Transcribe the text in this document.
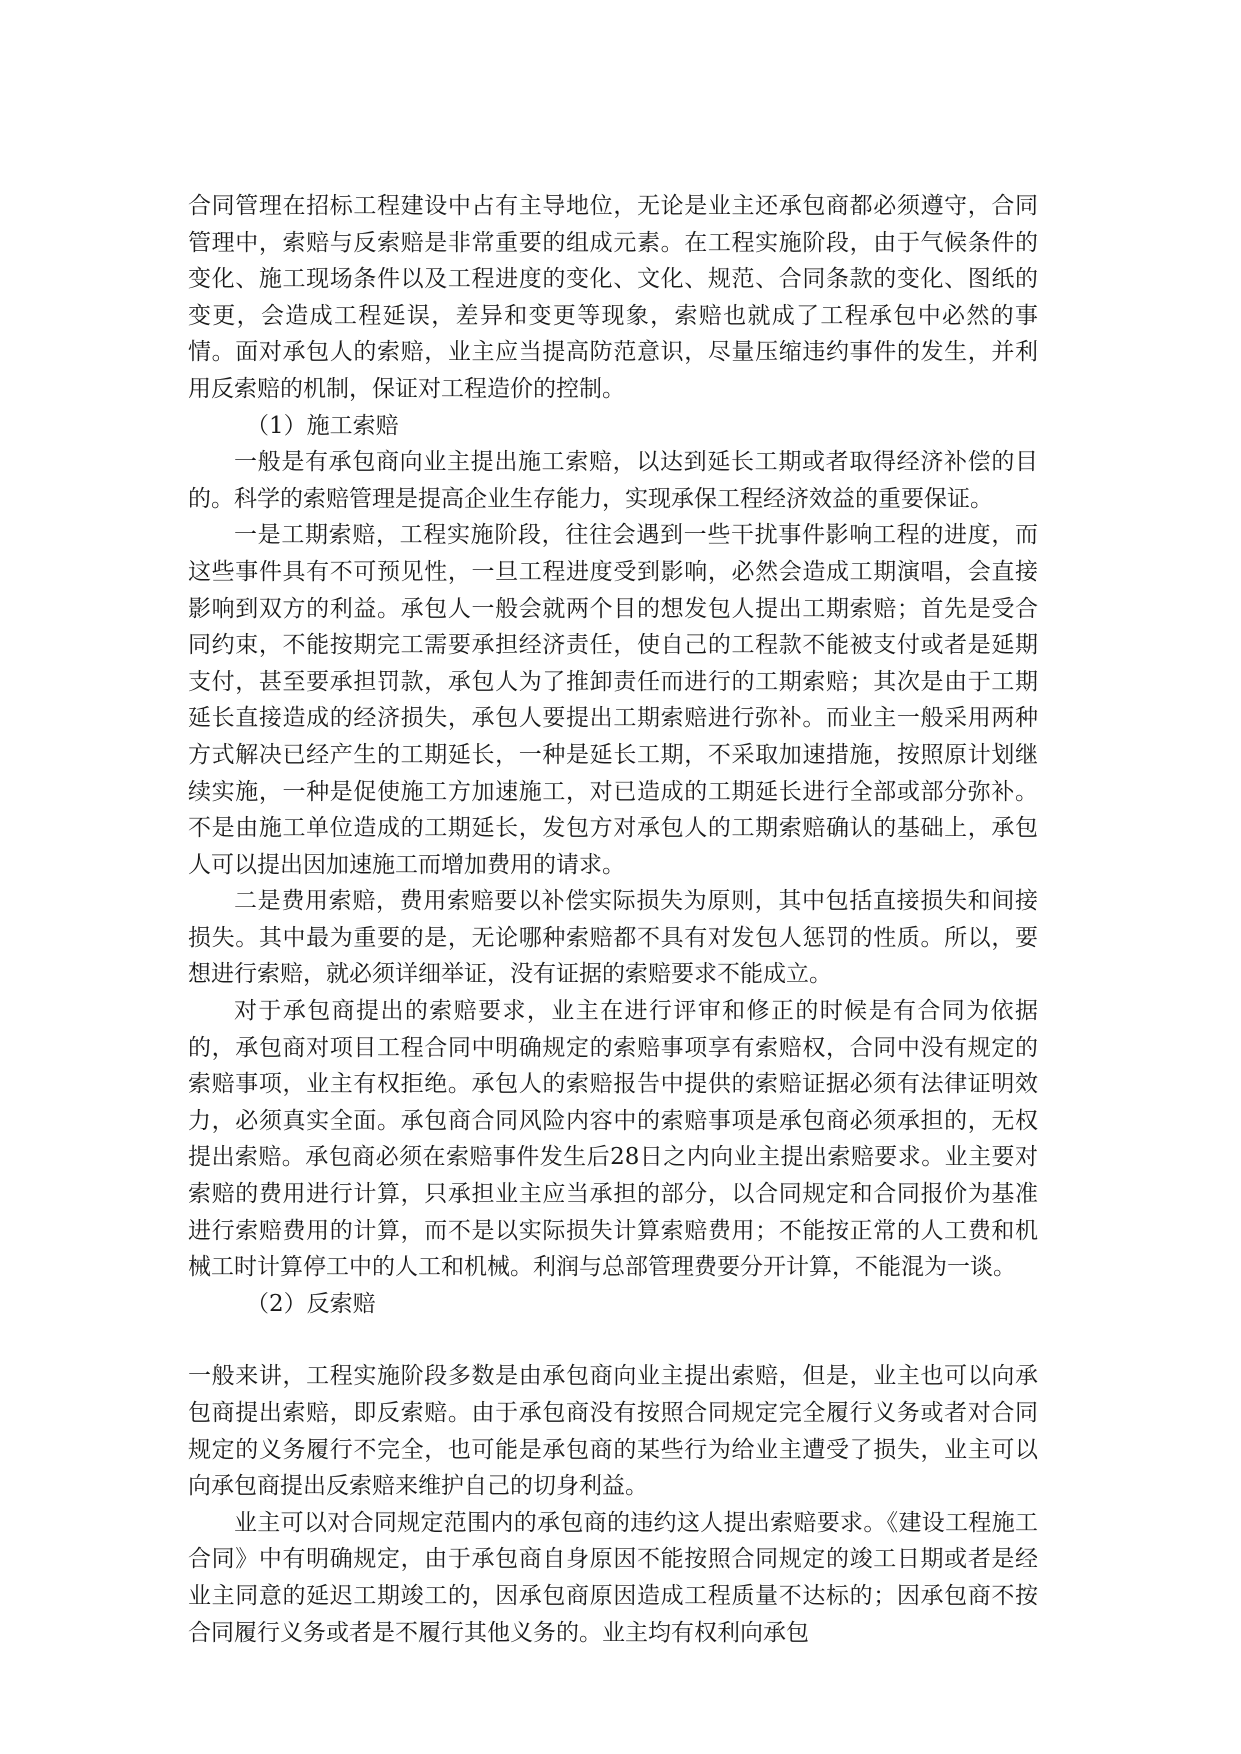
合同管理在招标工程建设中占有主导地位，无论是业主还承包商都必须遵守，合同管理中，索赔与反索赔是非常重要的组成元素。在工程实施阶段，由于气候条件的变化、施工现场条件以及工程进度的变化、文化、规范、合同条款的变化、图纸的变更，会造成工程延误，差异和变更等现象，索赔也就成了工程承包中必然的事情。面对承包人的索赔，业主应当提高防范意识，尽量压缩违约事件的发生，并利用反索赔的机制，保证对工程造价的控制。

（1）施工索赔

一般是有承包商向业主提出施工索赔，以达到延长工期或者取得经济补偿的目的。科学的索赔管理是提高企业生存能力，实现承保工程经济效益的重要保证。

一是工期索赔，工程实施阶段，往往会遇到一些干扰事件影响工程的进度，而这些事件具有不可预见性，一旦工程进度受到影响，必然会造成工期演唱，会直接影响到双方的利益。承包人一般会就两个目的想发包人提出工期索赔；首先是受合同约束，不能按期完工需要承担经济责任，使自己的工程款不能被支付或者是延期支付，甚至要承担罚款，承包人为了推卸责任而进行的工期索赔；其次是由于工期延长直接造成的经济损失，承包人要提出工期索赔进行弥补。而业主一般采用两种方式解决已经产生的工期延长，一种是延长工期，不采取加速措施，按照原计划继续实施，一种是促使施工方加速施工，对已造成的工期延长进行全部或部分弥补。不是由施工单位造成的工期延长，发包方对承包人的工期索赔确认的基础上，承包人可以提出因加速施工而增加费用的请求。

二是费用索赔，费用索赔要以补偿实际损失为原则，其中包括直接损失和间接损失。其中最为重要的是，无论哪种索赔都不具有对发包人惩罚的性质。所以，要想进行索赔，就必须详细举证，没有证据的索赔要求不能成立。

对于承包商提出的索赔要求，业主在进行评审和修正的时候是有合同为依据的，承包商对项目工程合同中明确规定的索赔事项享有索赔权，合同中没有规定的索赔事项，业主有权拒绝。承包人的索赔报告中提供的索赔证据必须有法律证明效力，必须真实全面。承包商合同风险内容中的索赔事项是承包商必须承担的，无权提出索赔。承包商必须在索赔事件发生后28日之内向业主提出索赔要求。业主要对索赔的费用进行计算，只承担业主应当承担的部分，以合同规定和合同报价为基准进行索赔费用的计算，而不是以实际损失计算索赔费用；不能按正常的人工费和机械工时计算停工中的人工和机械。利润与总部管理费要分开计算，不能混为一谈。

（2）反索赔

一般来讲，工程实施阶段多数是由承包商向业主提出索赔，但是，业主也可以向承包商提出索赔，即反索赔。由于承包商没有按照合同规定完全履行义务或者对合同规定的义务履行不完全，也可能是承包商的某些行为给业主遭受了损失，业主可以向承包商提出反索赔来维护自己的切身利益。

业主可以对合同规定范围内的承包商的违约这人提出索赔要求。《建设工程施工合同》中有明确规定，由于承包商自身原因不能按照合同规定的竣工日期或者是经业主同意的延迟工期竣工的，因承包商原因造成工程质量不达标的；因承包商不按合同履行义务或者是不履行其他义务的。业主均有权利向承包
